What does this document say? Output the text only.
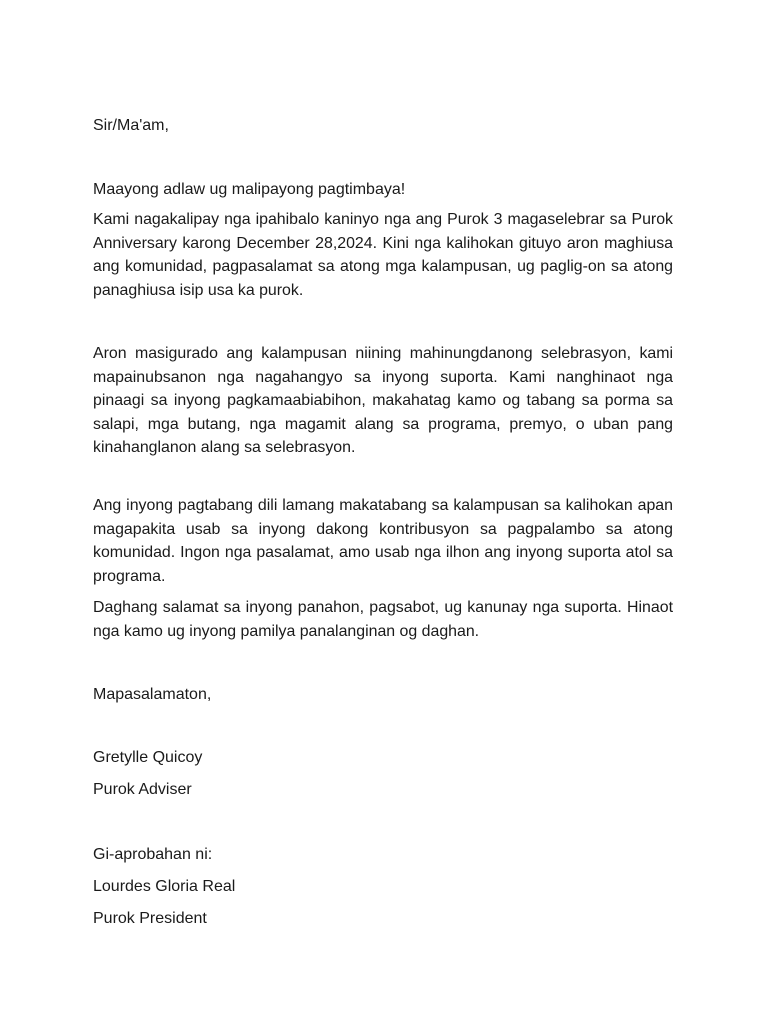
Sir/Ma'am,

Maayong adlaw ug malipayong pagtimbaya!

Kami nagakalipay nga ipahibalo kaninyo nga ang Purok 3 magaselebrar sa Purok Anniversary karong December 28,2024. Kini nga kalihokan gituyo aron maghiusa ang komunidad, pagpasalamat sa atong mga kalampusan, ug paglig-on sa atong panaghiusa isip usa ka purok.

Aron masigurado ang kalampusan niining mahinungdanong selebrasyon, kami mapainubsanon nga nagahangyo sa inyong suporta. Kami nanghinaot nga pinaagi sa inyong pagkamaabiabihon, makahatag kamo og tabang sa porma sa salapi, mga butang, nga magamit alang sa programa, premyo, o uban pang kinahanglanon alang sa selebrasyon.

Ang inyong pagtabang dili lamang makatabang sa kalampusan sa kalihokan apan magapakita usab sa inyong dakong kontribusyon sa pagpalambo sa atong komunidad. Ingon nga pasalamat, amo usab nga ilhon ang inyong suporta atol sa programa.

Daghang salamat sa inyong panahon, pagsabot, ug kanunay nga suporta. Hinaot nga kamo ug inyong pamilya panalanginan og daghan.

Mapasalamaton,

Gretylle Quicoy

Purok Adviser

Gi-aprobahan ni:

Lourdes Gloria Real

Purok President
